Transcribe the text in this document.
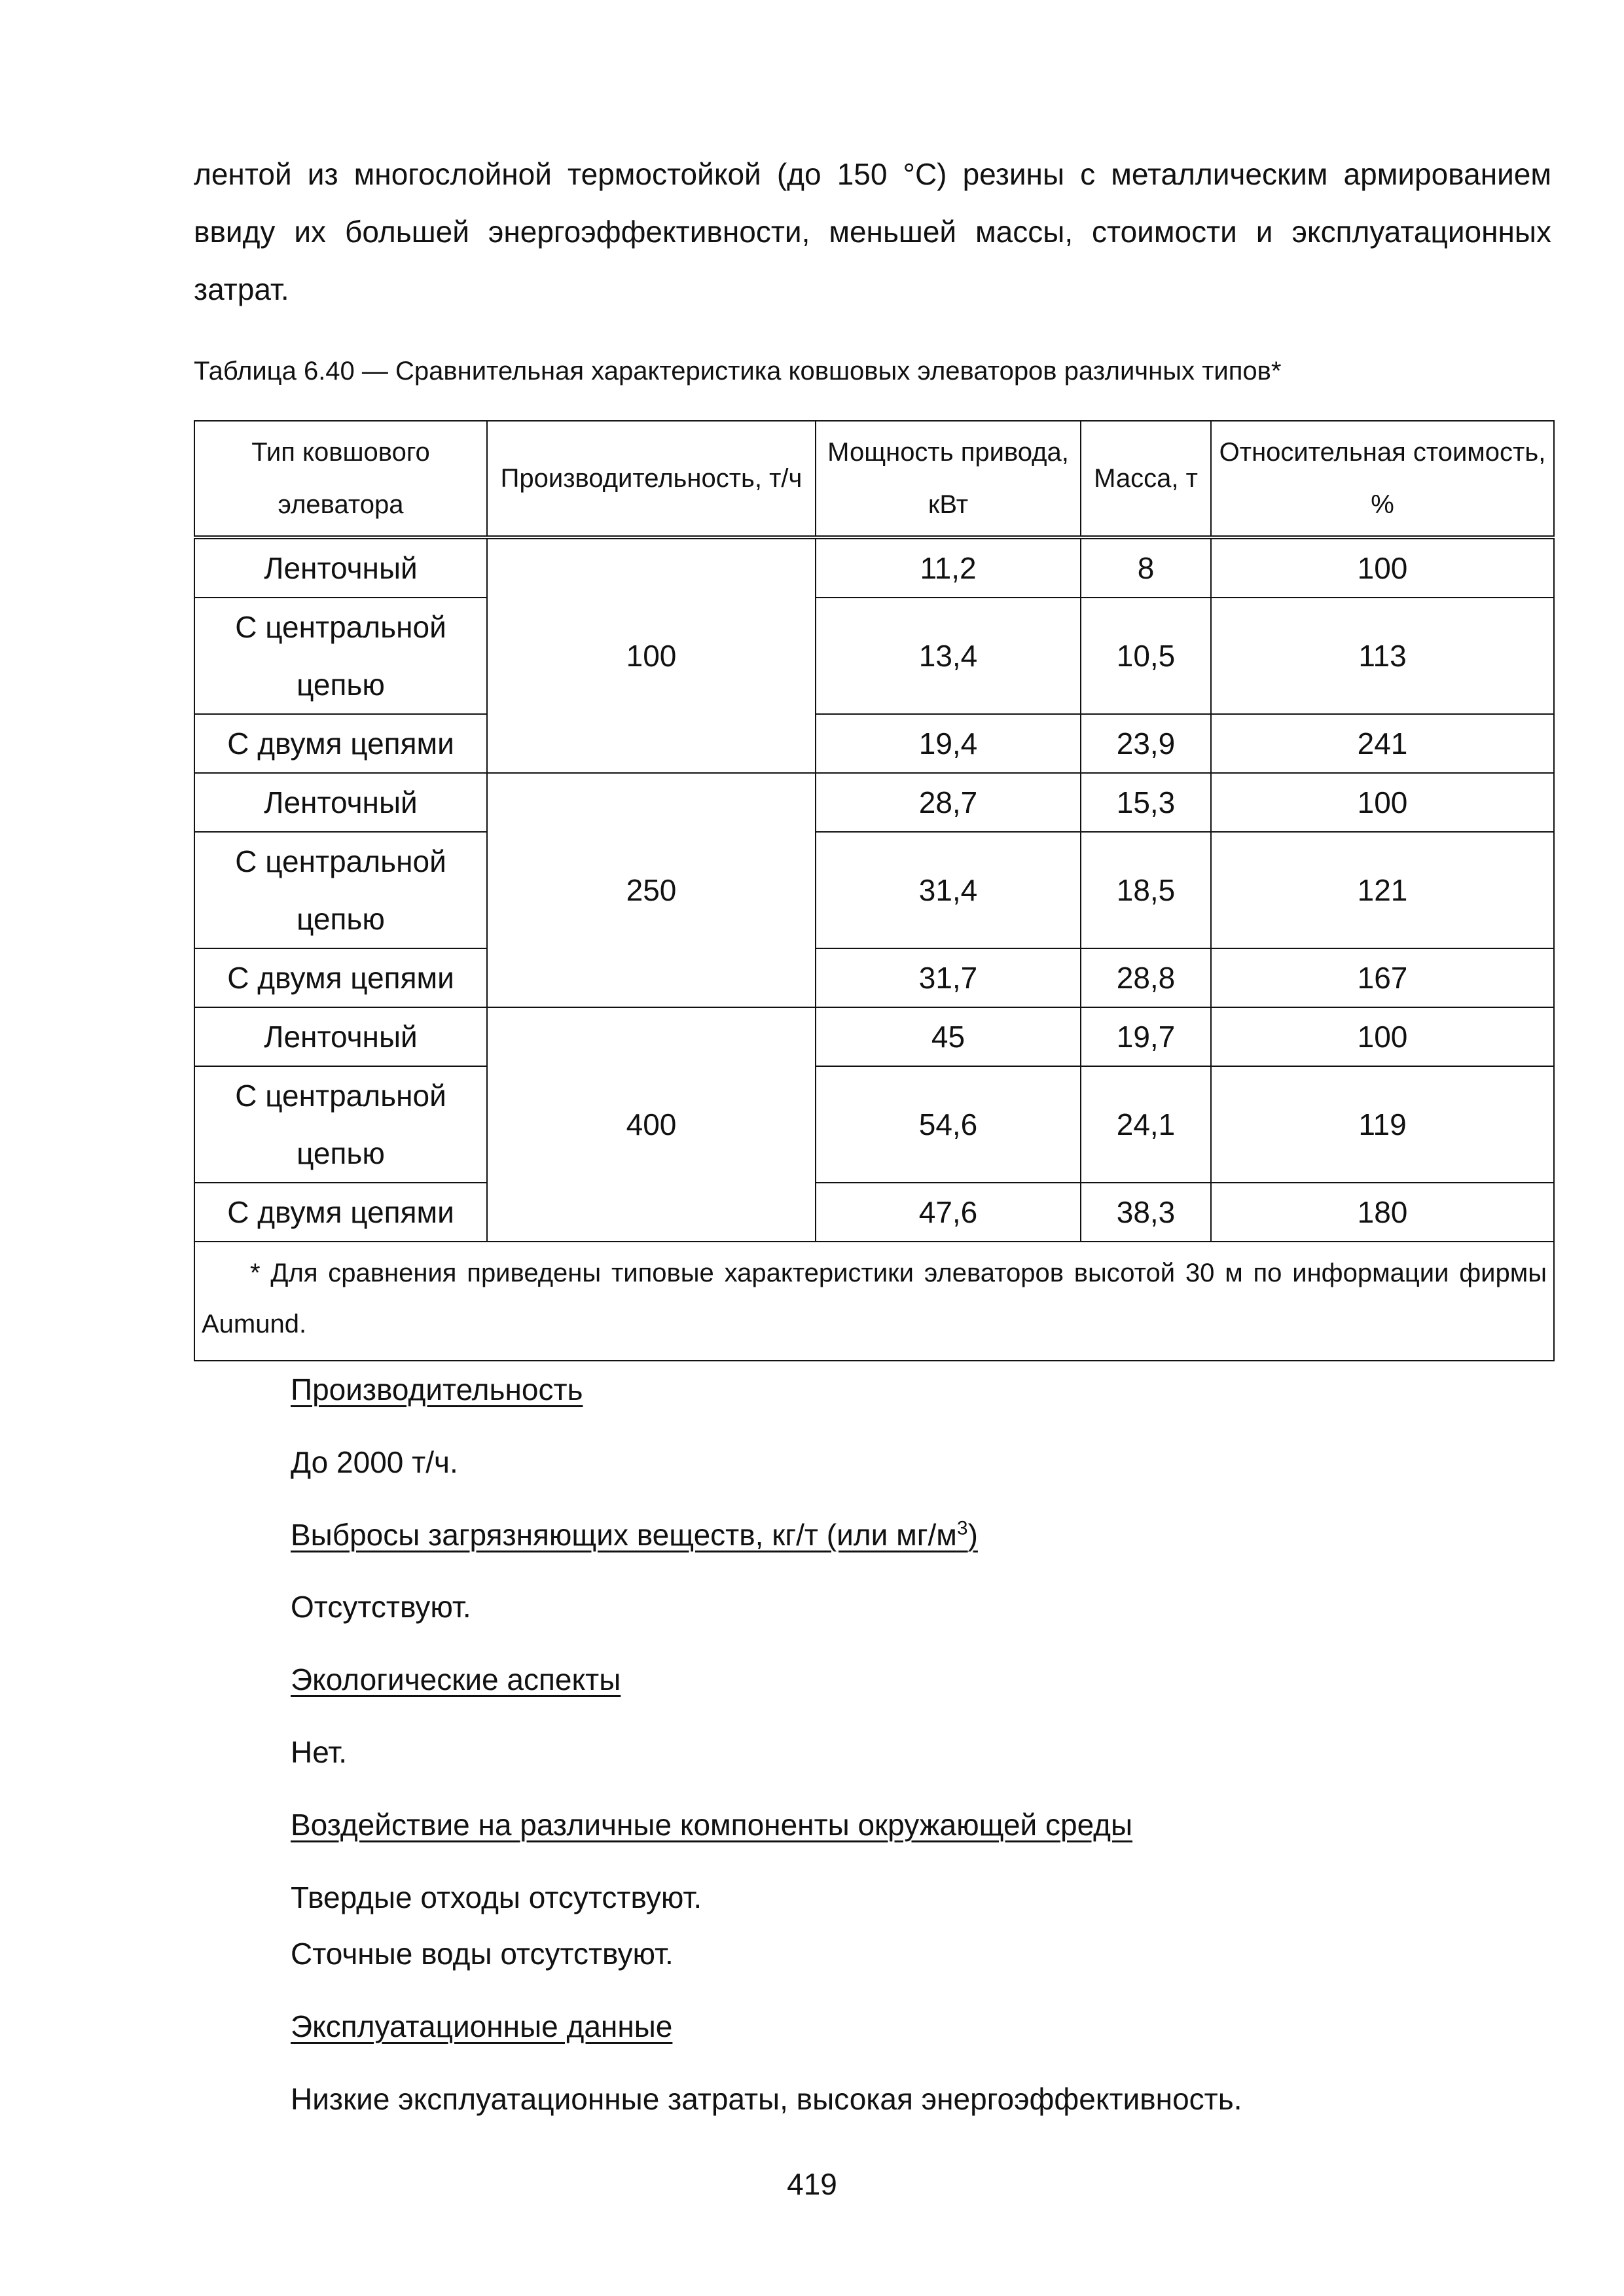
лентой из многослойной термостойкой (до 150 °С) резины с металлическим армированием ввиду их большей энергоэффективности, меньшей массы, стоимости и эксплуатационных затрат.

Таблица 6.40 — Сравнительная характеристика ковшовых элеваторов различных типов*

Тип ковшового элеватора	Производительность, т/ч	Мощность привода, кВт	Масса, т	Относительная стоимость, %
Ленточный	100	11,2	8	100
С центральной цепью		13,4	10,5	113
С двумя цепями		19,4	23,9	241
Ленточный	250	28,7	15,3	100
С центральной цепью		31,4	18,5	121
С двумя цепями		31,7	28,8	167
Ленточный	400	45	19,7	100
С центральной цепью		54,6	24,1	119
С двумя цепями		47,6	38,3	180
* Для сравнения приведены типовые характеристики элеваторов высотой 30 м по информации фирмы Aumund.				

Производительность

До 2000 т/ч.

Выбросы загрязняющих веществ, кг/т (или $мг/м^3$)

Отсутствуют.

Экологические аспекты

Нет.

Воздействие на различные компоненты окружающей среды

Твердые отходы отсутствуют.

Сточные воды отсутствуют.

Эксплуатационные данные

Низкие эксплуатационные затраты, высокая энергоэффективность.

419
